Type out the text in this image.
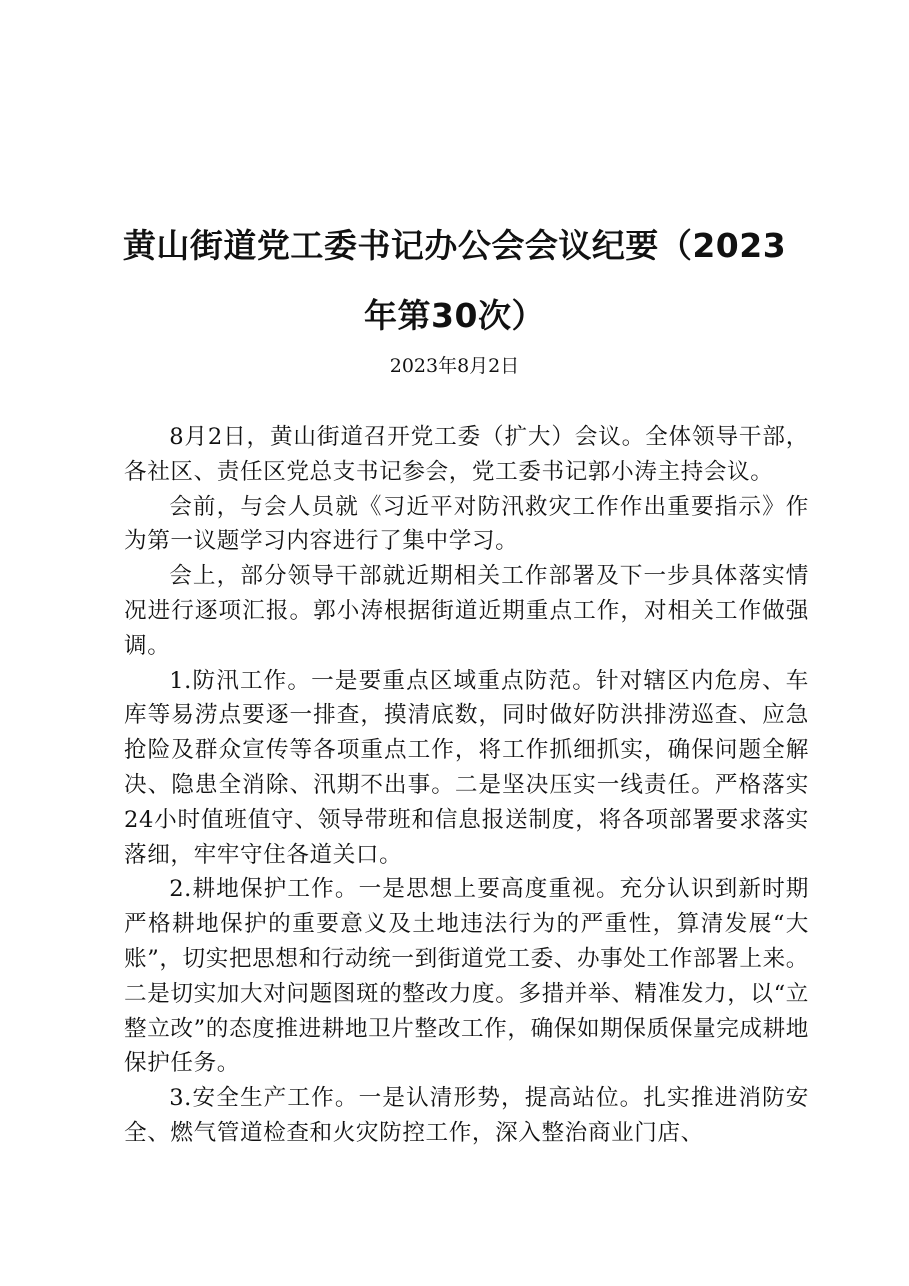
黄山街道党工委书记办公会会议纪要（2023
年第30次）
2023年8月2日

8月2日，黄山街道召开党工委（扩大）会议。全体领导干部，各社区、责任区党总支书记参会，党工委书记郭小涛主持会议。

会前，与会人员就《习近平对防汛救灾工作作出重要指示》作为第一议题学习内容进行了集中学习。

会上，部分领导干部就近期相关工作部署及下一步具体落实情况进行逐项汇报。郭小涛根据街道近期重点工作，对相关工作做强调。

1.防汛工作。一是要重点区域重点防范。针对辖区内危房、车库等易涝点要逐一排查，摸清底数，同时做好防洪排涝巡查、应急抢险及群众宣传等各项重点工作，将工作抓细抓实，确保问题全解决、隐患全消除、汛期不出事。二是坚决压实一线责任。严格落实24小时值班值守、领导带班和信息报送制度，将各项部署要求落实落细，牢牢守住各道关口。

2.耕地保护工作。一是思想上要高度重视。充分认识到新时期严格耕地保护的重要意义及土地违法行为的严重性，算清发展“大账”，切实把思想和行动统一到街道党工委、办事处工作部署上来。二是切实加大对问题图斑的整改力度。多措并举、精准发力，以“立整立改”的态度推进耕地卫片整改工作，确保如期保质保量完成耕地保护任务。

3.安全生产工作。一是认清形势，提高站位。扎实推进消防安全、燃气管道检查和火灾防控工作，深入整治商业门店、
